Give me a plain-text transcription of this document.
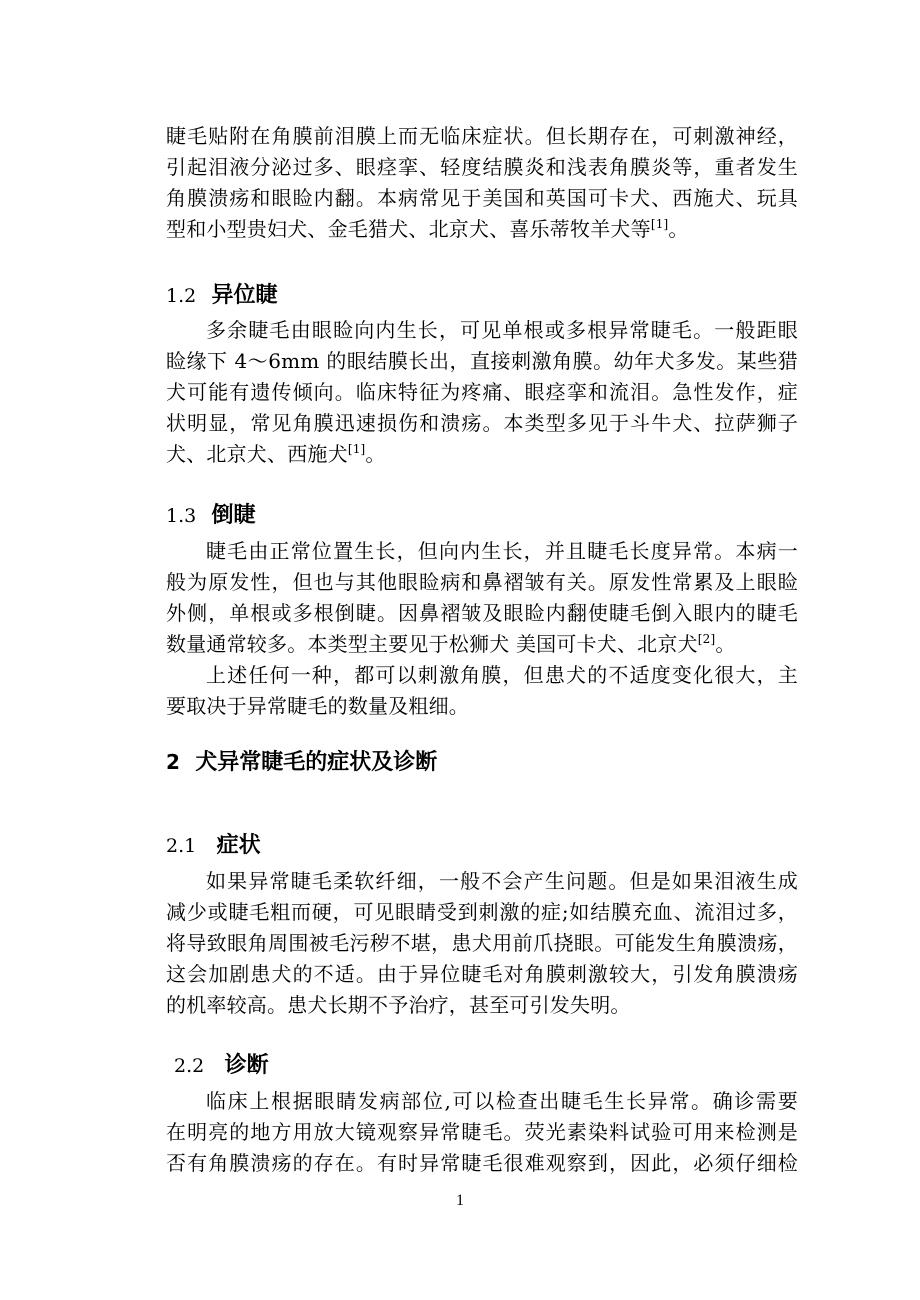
睫毛贴附在角膜前泪膜上而无临床症状。但长期存在，可刺激神经，
引起泪液分泌过多、眼痉挛、轻度结膜炎和浅表角膜炎等，重者发生
角膜溃疡和眼睑内翻。本病常见于美国和英国可卡犬、西施犬、玩具
型和小型贵妇犬、金毛猎犬、北京犬、喜乐蒂牧羊犬等[1]。
1.2 异位睫
多余睫毛由眼睑向内生长，可见单根或多根异常睫毛。一般距眼
睑缘下 4～6mm 的眼结膜长出，直接刺激角膜。幼年犬多发。某些猎
犬可能有遗传倾向。临床特征为疼痛、眼痉挛和流泪。急性发作，症
状明显，常见角膜迅速损伤和溃疡。本类型多见于斗牛犬、拉萨狮子
犬、北京犬、西施犬[1]。
1.3 倒睫
睫毛由正常位置生长，但向内生长，并且睫毛长度异常。本病一
般为原发性，但也与其他眼睑病和鼻褶皱有关。原发性常累及上眼睑
外侧，单根或多根倒睫。因鼻褶皱及眼睑内翻使睫毛倒入眼内的睫毛
数量通常较多。本类型主要见于松狮犬 美国可卡犬、北京犬[2]。
上述任何一种，都可以刺激角膜，但患犬的不适度变化很大，主
要取决于异常睫毛的数量及粗细。
2 犬异常睫毛的症状及诊断
2.1 症状
如果异常睫毛柔软纤细，一般不会产生问题。但是如果泪液生成
减少或睫毛粗而硬，可见眼睛受到刺激的症;如结膜充血、流泪过多，
将导致眼角周围被毛污秽不堪，患犬用前爪挠眼。可能发生角膜溃疡，
这会加剧患犬的不适。由于异位睫毛对角膜刺激较大，引发角膜溃疡
的机率较高。患犬长期不予治疗，甚至可引发失明。
2.2 诊断
临床上根据眼睛发病部位,可以检查出睫毛生长异常。确诊需要
在明亮的地方用放大镜观察异常睫毛。荧光素染料试验可用来检测是
否有角膜溃疡的存在。有时异常睫毛很难观察到，因此，必须仔细检
1
